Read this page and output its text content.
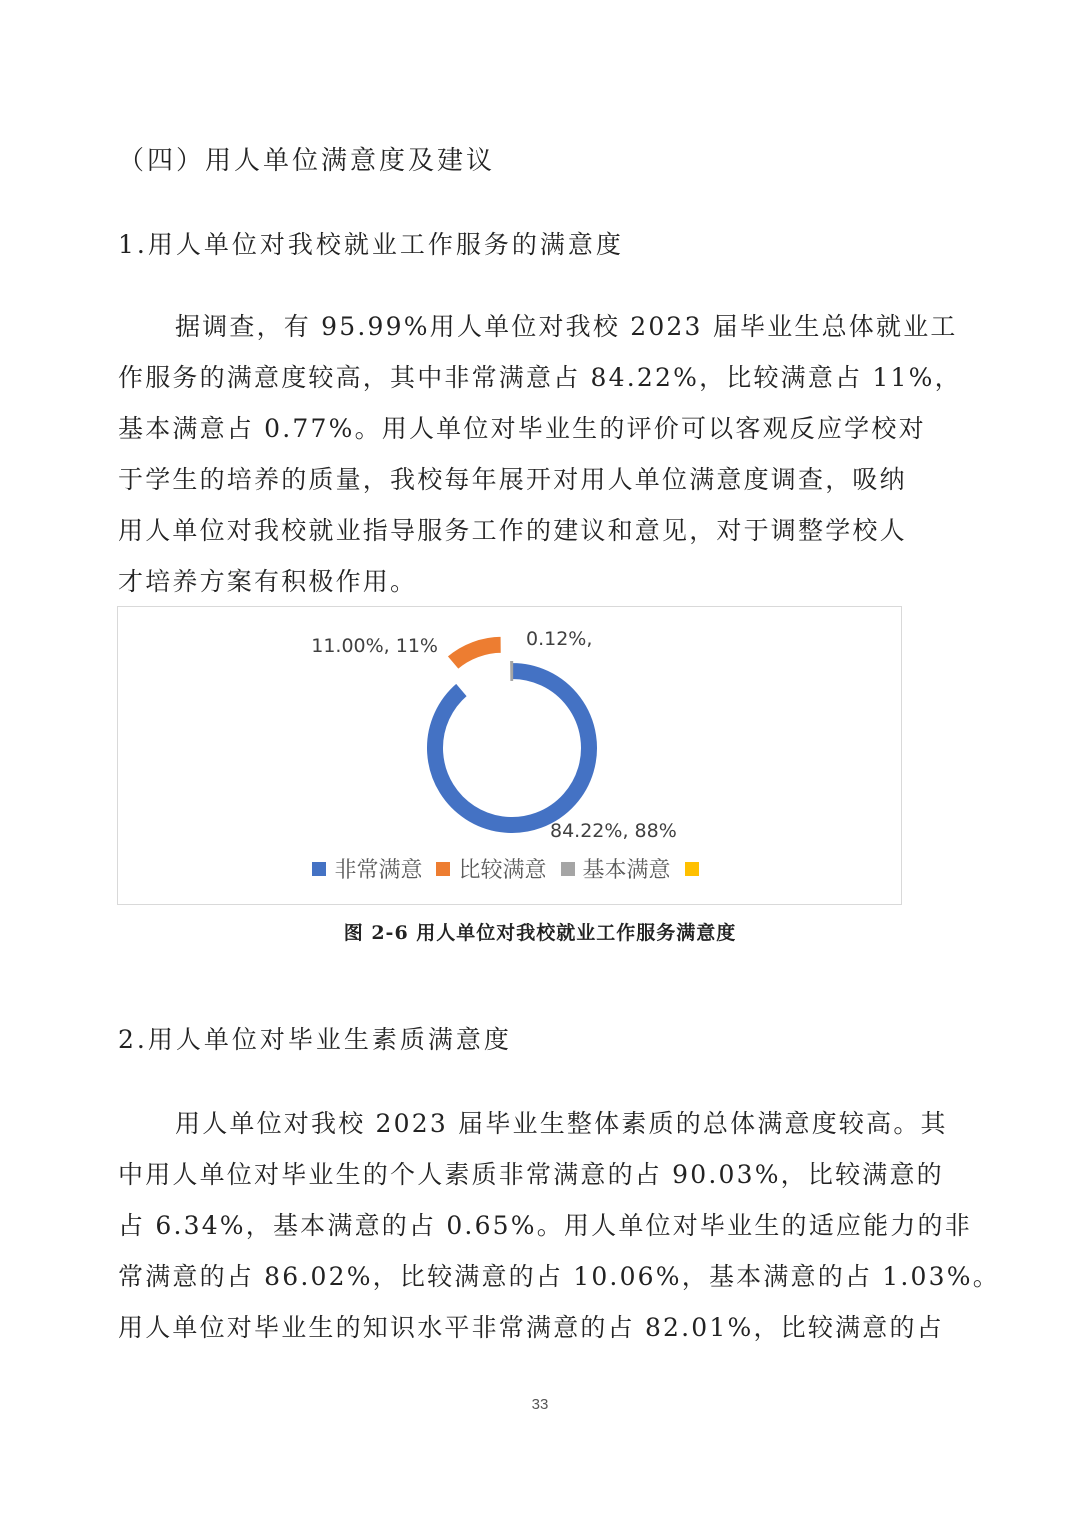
（四）用人单位满意度及建议
1.用人单位对我校就业工作服务的满意度
据调查，有 95.99%用人单位对我校 2023 届毕业生总体就业工
作服务的满意度较高，其中非常满意占 84.22%，比较满意占 11%，
基本满意占 0.77%。用人单位对毕业生的评价可以客观反应学校对
于学生的培养的质量，我校每年展开对用人单位满意度调查，吸纳
用人单位对我校就业指导服务工作的建议和意见，对于调整学校人
才培养方案有积极作用。
84.22%, 88%
11.00%, 11%	0.12%,
非常满意 比较满意 基本满意
图 2-6 用人单位对我校就业工作服务满意度
2.用人单位对毕业生素质满意度
用人单位对我校 2023 届毕业生整体素质的总体满意度较高。其
中用人单位对毕业生的个人素质非常满意的占 90.03%，比较满意的
占 6.34%，基本满意的占 0.65%。用人单位对毕业生的适应能力的非
常满意的占 86.02%，比较满意的占 10.06%，基本满意的占 1.03%。
用人单位对毕业生的知识水平非常满意的占 82.01%，比较满意的占
33
